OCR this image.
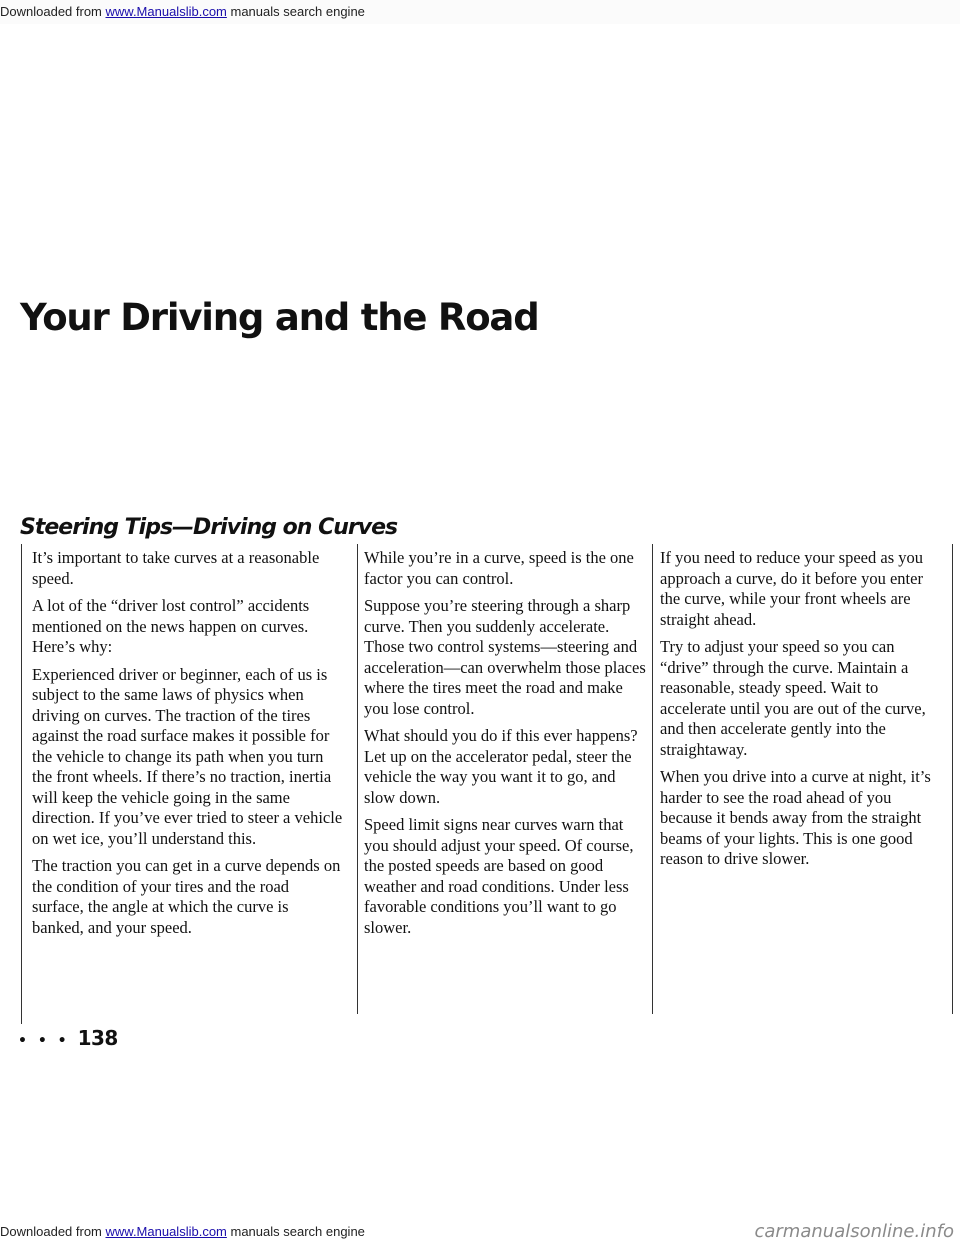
Downloaded from www.Manualslib.com manuals search engine
Your Driving and the Road
Steering Tips—Driving on Curves

It’s important to take curves at a reasonable speed.

A lot of the “driver lost control” accidents mentioned on the news happen on curves. Here’s why:

Experienced driver or beginner, each of us is subject to the same laws of physics when driving on curves. The traction of the tires against the road surface makes it possible for the vehicle to change its path when you turn the front wheels. If there’s no traction, inertia will keep the vehicle going in the same direction. If you’ve ever tried to steer a vehicle on wet ice, you’ll understand this.

The traction you can get in a curve depends on the condition of your tires and the road surface, the angle at which the curve is banked, and your speed.

While you’re in a curve, speed is the one factor you can control.

Suppose you’re steering through a sharp curve. Then you suddenly accelerate. Those two control systems—steering and acceleration—can overwhelm those places where the tires meet the road and make you lose control.

What should you do if this ever happens? Let up on the accelerator pedal, steer the vehicle the way you want it to go, and slow down.

Speed limit signs near curves warn that you should adjust your speed. Of course, the posted speeds are based on good weather and road conditions. Under less favorable conditions you’ll want to go slower.

If you need to reduce your speed as you approach a curve, do it before you enter the curve, while your front wheels are straight ahead.

Try to adjust your speed so you can “drive” through the curve. Maintain a reasonable, steady speed. Wait to accelerate until you are out of the curve, and then accelerate gently into the straightaway.

When you drive into a curve at night, it’s harder to see the road ahead of you because it bends away from the straight beams of your lights. This is one good reason to drive slower.

• • • 138
Downloaded from www.Manualslib.com manuals search engine	carmanualsonline.info
